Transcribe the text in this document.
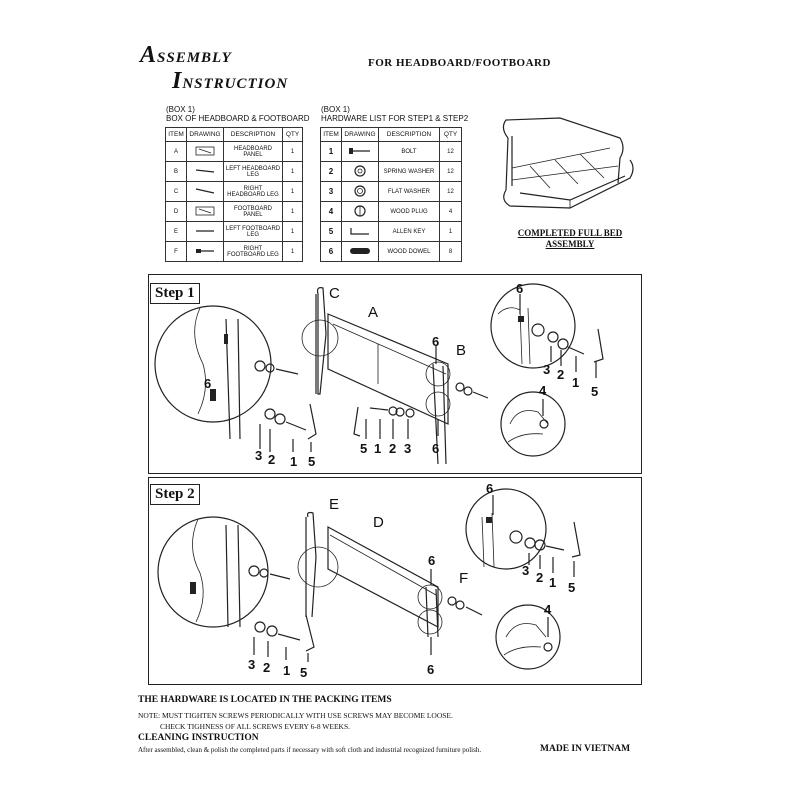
ASSEMBLY
INSTRUCTION
FOR HEADBOARD/FOOTBOARD
(BOX 1)
BOX OF HEADBOARD & FOOTBOARD
ITEM	DRAWING	DESCRIPTION	QTY
A		HEADBOARD PANEL	1
B		LEFT HEADBOARD LEG	1
C		RIGHT HEADBOARD LEG	1
D		FOOTBOARD PANEL	1
E		LEFT FOOTBOARD LEG	1
F		RIGHT FOOTBOARD LEG	1
(BOX 1)
HARDWARE LIST FOR STEP1 & STEP2
ITEM	DRAWING	DESCRIPTION	QTY
1		BOLT	12
2		SPRING WASHER	12
3		FLAT WASHER	12
4		WOOD PLUG	4
5		ALLEN KEY	1
6		WOOD DOWEL	8
COMPLETED FULL BED
ASSEMBLY
Step 1	C
A
B
6
3 2 1 5
6
5 1 2 3 6
6
3 2
1
5
4
Step 2
E
D
F
3 2 1 5
6
6
6
3 2 1 5
4
THE HARDWARE IS LOCATED IN THE PACKING ITEMS
NOTE: MUST TIGHTEN SCREWS PERIODICALLY WITH USE SCREWS MAY BECOME LOOSE.
CHECK TIGHNESS OF ALL SCREWS EVERY 6-8 WEEKS.
CLEANING INSTRUCTION
After assembled, clean & polish the completed parts if necessary with soft cloth and industrial recognized furniture polish.	MADE IN VIETNAM
